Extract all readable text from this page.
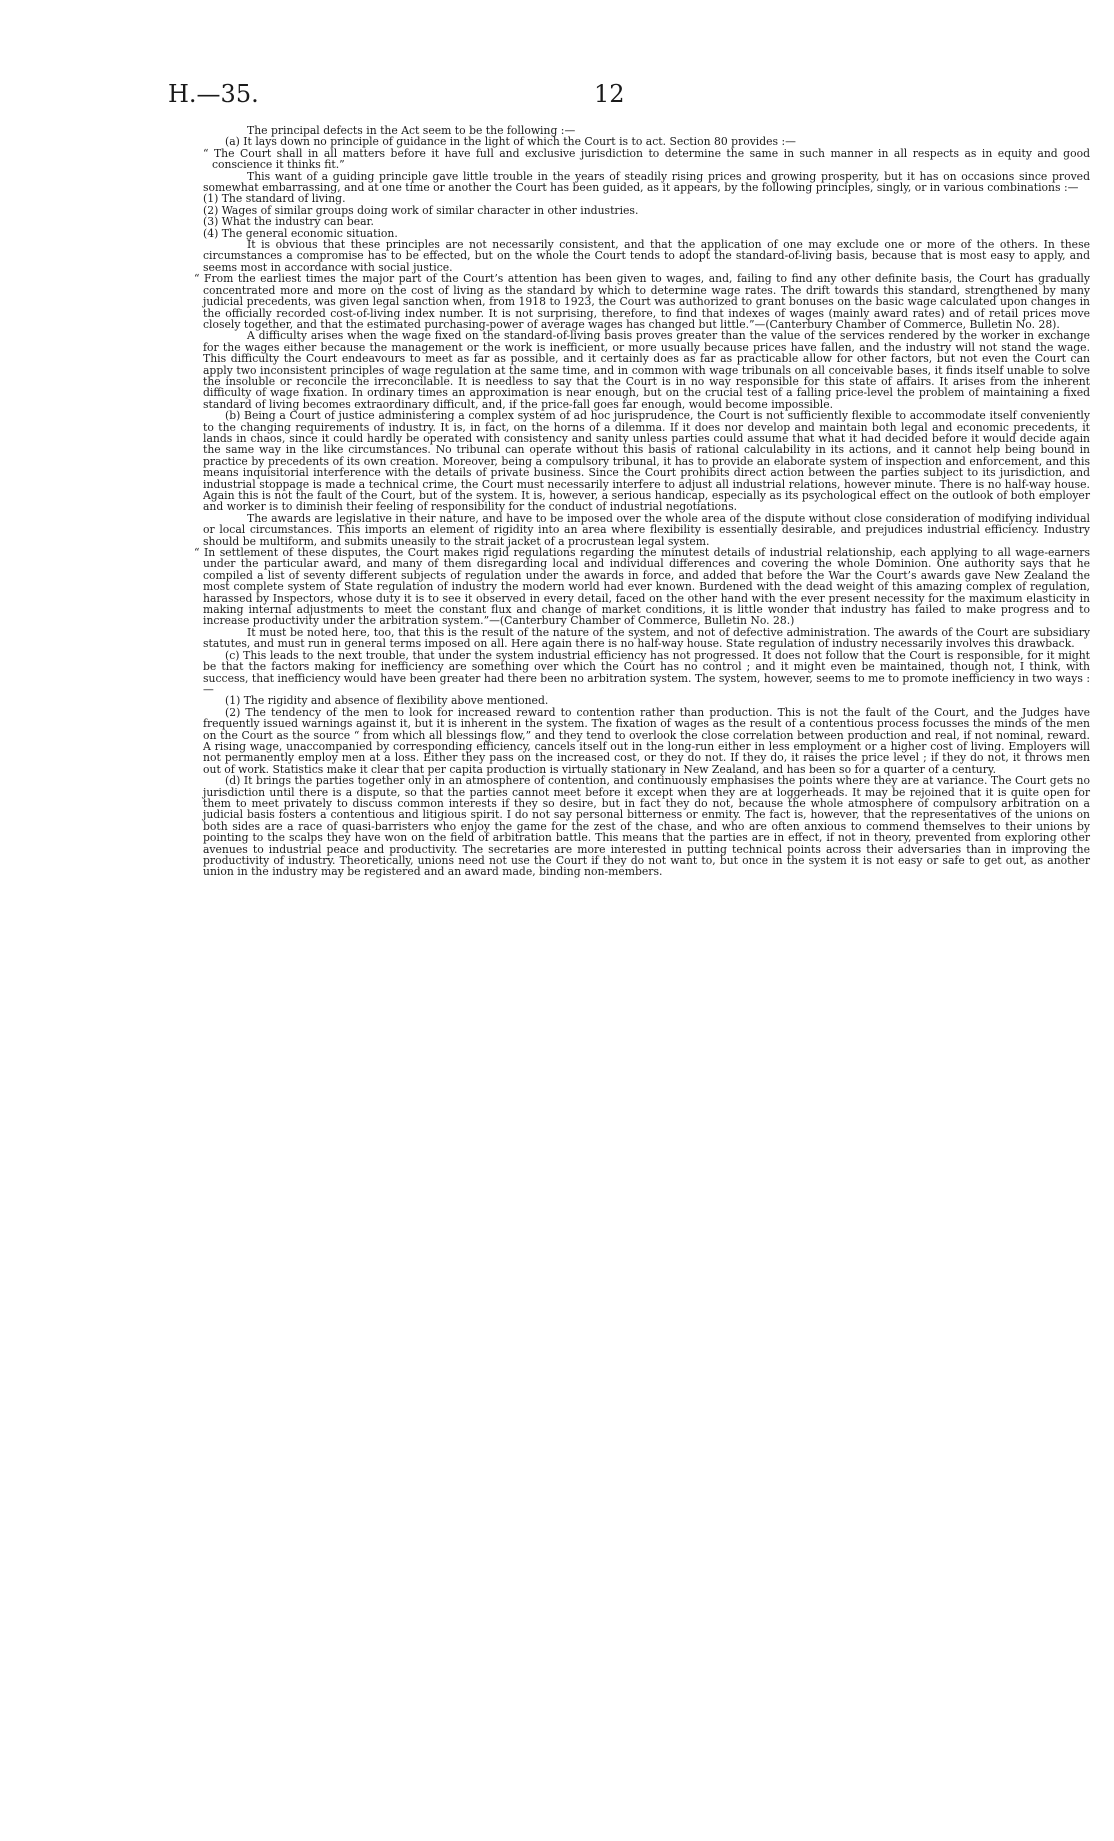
H.—35.	12

The principal defects in the Act seem to be the following :—

(a) It lays down no principle of guidance in the light of which the Court is to act. Section 80 provides :—

“ The Court shall in all matters before it have full and exclusive jurisdiction to determine the same in such manner in all respects as in equity and good conscience it thinks fit.”

This want of a guiding principle gave little trouble in the years of steadily rising prices and growing prosperity, but it has on occasions since proved somewhat embarrassing, and at one time or another the Court has been guided, as it appears, by the following principles, singly, or in various combinations :—

(1) The standard of living.

(2) Wages of similar groups doing work of similar character in other industries.

(3) What the industry can bear.

(4) The general economic situation.

It is obvious that these principles are not necessarily consistent, and that the application of one may exclude one or more of the others. In these circumstances a compromise has to be effected, but on the whole the Court tends to adopt the standard-of-living basis, because that is most easy to apply, and seems most in accordance with social justice.

“ From the earliest times the major part of the Court’s attention has been given to wages, and, failing to find any other definite basis, the Court has gradually concentrated more and more on the cost of living as the standard by which to determine wage rates. The drift towards this standard, strengthened by many judicial precedents, was given legal sanction when, from 1918 to 1923, the Court was authorized to grant bonuses on the basic wage calculated upon changes in the officially recorded cost-of-living index number. It is not surprising, therefore, to find that indexes of wages (mainly award rates) and of retail prices move closely together, and that the estimated purchasing-power of average wages has changed but little.”—(Canterbury Chamber of Commerce, Bulletin No. 28).

A difficulty arises when the wage fixed on the standard-of-living basis proves greater than the value of the services rendered by the worker in exchange for the wages either because the management or the work is inefficient, or more usually because prices have fallen, and the industry will not stand the wage. This difficulty the Court endeavours to meet as far as possible, and it certainly does as far as practicable allow for other factors, but not even the Court can apply two inconsistent principles of wage regulation at the same time, and in common with wage tribunals on all conceivable bases, it finds itself unable to solve the insoluble or reconcile the irreconcilable. It is needless to say that the Court is in no way responsible for this state of affairs. It arises from the inherent difficulty of wage fixation. In ordinary times an approximation is near enough, but on the crucial test of a falling price-level the problem of maintaining a fixed standard of living becomes extraordinary difficult, and, if the price-fall goes far enough, would become impossible.

(b) Being a Court of justice administering a complex system of ad hoc jurisprudence, the Court is not sufficiently flexible to accommodate itself conveniently to the changing requirements of industry. It is, in fact, on the horns of a dilemma. If it does nor develop and maintain both legal and economic precedents, it lands in chaos, since it could hardly be operated with consistency and sanity unless parties could assume that what it had decided before it would decide again the same way in the like circumstances. No tribunal can operate without this basis of rational calculability in its actions, and it cannot help being bound in practice by precedents of its own creation. Moreover, being a compulsory tribunal, it has to provide an elaborate system of inspection and enforcement, and this means inquisitorial interference with the details of private business. Since the Court prohibits direct action between the parties subject to its jurisdiction, and industrial stoppage is made a technical crime, the Court must necessarily interfere to adjust all industrial relations, however minute. There is no half-way house. Again this is not the fault of the Court, but of the system. It is, however, a serious handicap, especially as its psychological effect on the outlook of both employer and worker is to diminish their feeling of responsibility for the conduct of industrial negotiations.

The awards are legislative in their nature, and have to be imposed over the whole area of the dispute without close consideration of modifying individual or local circumstances. This imports an element of rigidity into an area where flexibility is essentially desirable, and prejudices industrial efficiency. Industry should be multiform, and submits uneasily to the strait jacket of a procrustean legal system.

“ In settlement of these disputes, the Court makes rigid regulations regarding the minutest details of industrial relationship, each applying to all wage-earners under the particular award, and many of them disregarding local and individual differences and covering the whole Dominion. One authority says that he compiled a list of seventy different subjects of regulation under the awards in force, and added that before the War the Court’s awards gave New Zealand the most complete system of State regulation of industry the modern world had ever known. Burdened with the dead weight of this amazing complex of regulation, harassed by Inspectors, whose duty it is to see it observed in every detail, faced on the other hand with the ever present necessity for the maximum elasticity in making internal adjustments to meet the constant flux and change of market conditions, it is little wonder that industry has failed to make progress and to increase productivity under the arbitration system.”—(Canterbury Chamber of Commerce, Bulletin No. 28.)

It must be noted here, too, that this is the result of the nature of the system, and not of defective administration. The awards of the Court are subsidiary statutes, and must run in general terms imposed on all. Here again there is no half-way house. State regulation of industry necessarily involves this drawback.

(c) This leads to the next trouble, that under the system industrial efficiency has not progressed. It does not follow that the Court is responsible, for it might be that the factors making for inefficiency are something over which the Court has no control ; and it might even be maintained, though not, I think, with success, that inefficiency would have been greater had there been no arbitration system. The system, however, seems to me to promote inefficiency in two ways :—

(1) The rigidity and absence of flexibility above mentioned.

(2) The tendency of the men to look for increased reward to contention rather than production. This is not the fault of the Court, and the Judges have frequently issued warnings against it, but it is inherent in the system. The fixation of wages as the result of a contentious process focusses the minds of the men on the Court as the source “ from which all blessings flow,” and they tend to overlook the close correlation between production and real, if not nominal, reward. A rising wage, unaccompanied by corresponding efficiency, cancels itself out in the long-run either in less employment or a higher cost of living. Employers will not permanently employ men at a loss. Either they pass on the increased cost, or they do not. If they do, it raises the price level ; if they do not, it throws men out of work. Statistics make it clear that per capita production is virtually stationary in New Zealand, and has been so for a quarter of a century.

(d) It brings the parties together only in an atmosphere of contention, and continuously emphasises the points where they are at variance. The Court gets no jurisdiction until there is a dispute, so that the parties cannot meet before it except when they are at loggerheads. It may be rejoined that it is quite open for them to meet privately to discuss common interests if they so desire, but in fact they do not, because the whole atmosphere of compulsory arbitration on a judicial basis fosters a contentious and litigious spirit. I do not say personal bitterness or enmity. The fact is, however, that the representatives of the unions on both sides are a race of quasi-barristers who enjoy the game for the zest of the chase, and who are often anxious to commend themselves to their unions by pointing to the scalps they have won on the field of arbitration battle. This means that the parties are in effect, if not in theory, prevented from exploring other avenues to industrial peace and productivity. The secretaries are more interested in putting technical points across their adversaries than in improving the productivity of industry. Theoretically, unions need not use the Court if they do not want to, but once in the system it is not easy or safe to get out, as another union in the industry may be registered and an award made, binding non-members.
